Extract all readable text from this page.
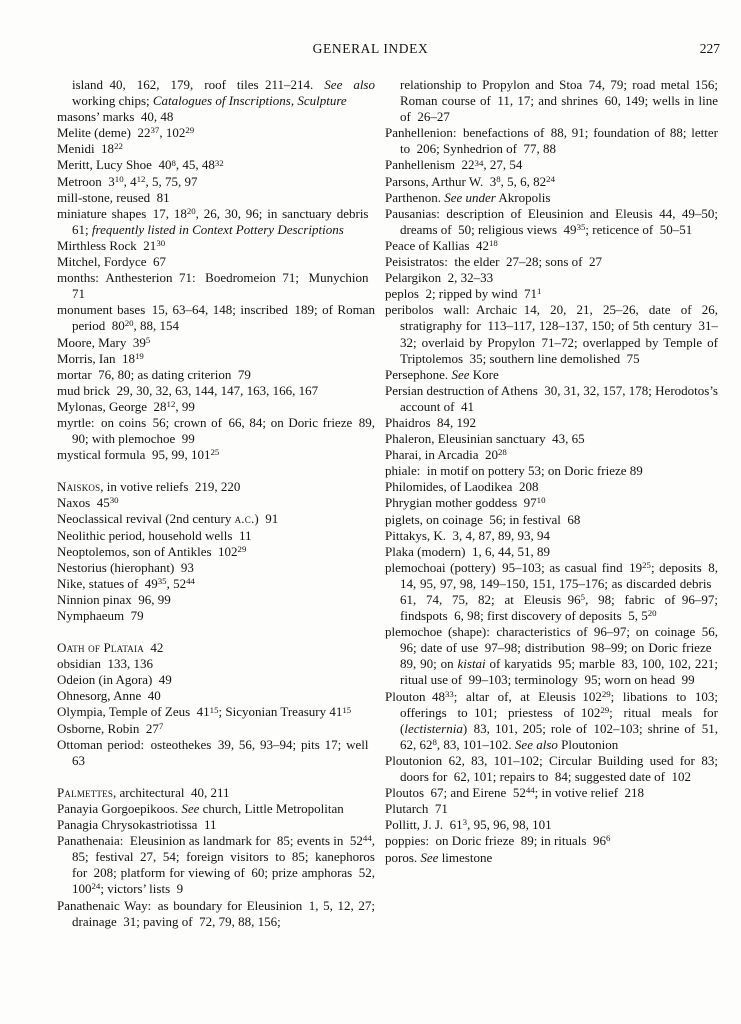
GENERAL INDEX	227

island 40, 162, 179, roof tiles 211–214. See also working chips; Catalogues of Inscriptions, Sculpture

masons’ marks 40, 48

Melite (deme) $22^{37}$, $102^{29}$

Menidi $18^{22}$

Meritt, Lucy Shoe $40^8$, 45, $48^{32}$

Metroon $3^{10}$, $4^{12}$, 5, 75, 97

mill-stone, reused 81

miniature shapes 17, $18^{20}$, 26, 30, 96; in sanctuary debris 61; frequently listed in Context Pottery Descriptions

Mirthless Rock $21^{30}$

Mitchel, Fordyce 67

months: Anthesterion 71: Boedromeion 71; Munychion 71

monument bases 15, 63–64, 148; inscribed 189; of Roman period $80^{20}$, 88, 154

Moore, Mary $39^5$

Morris, Ian $18^{19}$

mortar 76, 80; as dating criterion 79

mud brick 29, 30, 32, 63, 144, 147, 163, 166, 167

Mylonas, George $28^{12}$, 99

myrtle: on coins 56; crown of 66, 84; on Doric frieze 89, 90; with plemochoe 99

mystical formula 95, 99, $101^{25}$

Naiskos, in votive reliefs 219, 220

Naxos $45^{30}$

Neoclassical revival (2nd century a.c.) 91

Neolithic period, household wells 11

Neoptolemos, son of Antikles $102^{29}$

Nestorius (hierophant) 93

Nike, statues of $49^{35}$, $52^{44}$

Ninnion pinax 96, 99

Nymphaeum 79

Oath of Plataia 42

obsidian 133, 136

Odeion (in Agora) 49

Ohnesorg, Anne 40

Olympia, Temple of Zeus $41^{15}$; Sicyonian Treasury $41^{15}$

Osborne, Robin $27^7$

Ottoman period: osteothekes 39, 56, 93–94; pits 17; well 63

Palmettes, architectural 40, 211

Panayia Gorgoepikoos. See church, Little Metropolitan

Panagia Chrysokastriotissa 11

Panathenaia: Eleusinion as landmark for 85; events in $52^{44}$, 85; festival 27, 54; foreign visitors to 85; kanephoros for 208; platform for viewing of 60; prize amphoras 52, $100^{24}$; victors’ lists 9

Panathenaic Way: as boundary for Eleusinion 1, 5, 12, 27; drainage 31; paving of 72, 79, 88, 156;

relationship to Propylon and Stoa 74, 79; road metal 156; Roman course of 11, 17; and shrines 60, 149; wells in line of 26–27

Panhellenion: benefactions of 88, 91; foundation of 88; letter to 206; Synhedrion of 77, 88

Panhellenism $22^{34}$, 27, 54

Parsons, Arthur W. $3^8$, 5, 6, $82^{24}$

Parthenon. See under Akropolis

Pausanias: description of Eleusinion and Eleusis 44, 49–50; dreams of 50; religious views $49^{35}$; reticence of 50–51

Peace of Kallias $42^{18}$

Peisistratos: the elder 27–28; sons of 27

Pelargikon 2, 32–33

peplos 2; ripped by wind $71^1$

peribolos wall: Archaic 14, 20, 21, 25–26, date of 26, stratigraphy for 113–117, 128–137, 150; of 5th century 31–32; overlaid by Propylon 71–72; overlapped by Temple of Triptolemos 35; southern line demolished 75

Persephone. See Kore

Persian destruction of Athens 30, 31, 32, 157, 178; Herodotos’s account of 41

Phaidros 84, 192

Phaleron, Eleusinian sanctuary 43, 65

Pharai, in Arcadia $20^{28}$

phiale: in motif on pottery 53; on Doric frieze 89

Philomides, of Laodikea 208

Phrygian mother goddess $97^{10}$

piglets, on coinage 56; in festival 68

Pittakys, K. 3, 4, 87, 89, 93, 94

Plaka (modern) 1, 6, 44, 51, 89

plemochoai (pottery) 95–103; as casual find $19^{25}$; deposits 8, 14, 95, 97, 98, 149–150, 151, 175–176; as discarded debris 61, 74, 75, 82; at Eleusis $96^5$, 98; fabric of 96–97; findspots 6, 98; first discovery of deposits 5, $5^{20}$

plemochoe (shape): characteristics of 96–97; on coinage 56, 96; date of use 97–98; distribution 98–99; on Doric frieze 89, 90; on kistai of karyatids 95; marble 83, 100, 102, 221; ritual use of 99–103; terminology 95; worn on head 99

Plouton $48^{33}$; altar of, at Eleusis $102^{29}$; libations to 103; offerings to 101; priestess of $102^{29}$; ritual meals for (lectisternia) 83, 101, 205; role of 102–103; shrine of 51, 62, $62^8$, 83, 101–102. See also Ploutonion

Ploutonion 62, 83, 101–102; Circular Building used for 83; doors for 62, 101; repairs to 84; suggested date of 102

Ploutos 67; and Eirene $52^{44}$; in votive relief 218

Plutarch 71

Pollitt, J. J. $61^3$, 95, 96, 98, 101

poppies: on Doric frieze 89; in rituals $96^6$

poros. See limestone
